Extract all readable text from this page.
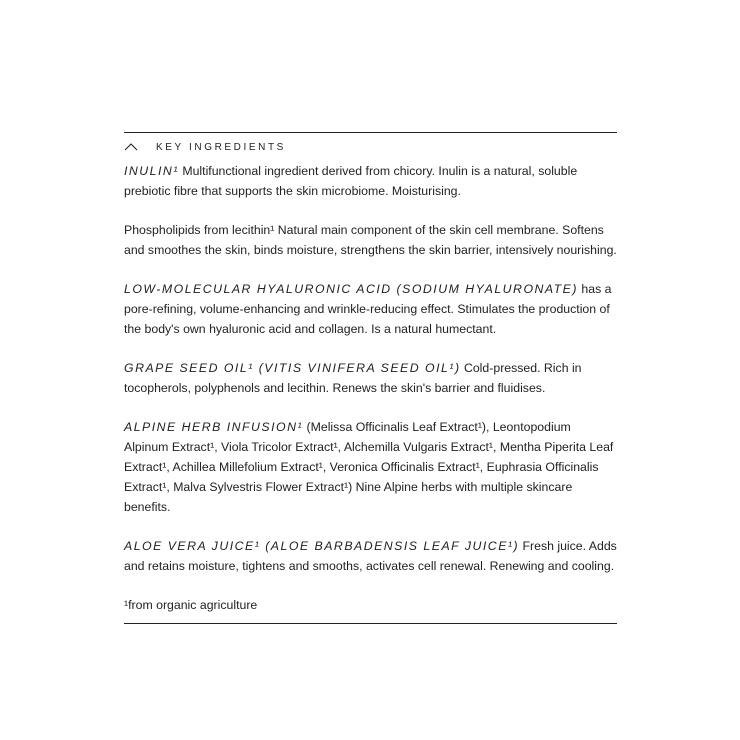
KEY INGREDIENTS

INULIN¹ Multifunctional ingredient derived from chicory. Inulin is a natural, soluble prebiotic fibre that supports the skin microbiome. Moisturising.

Phospholipids from lecithin¹ Natural main component of the skin cell membrane. Softens and smoothes the skin, binds moisture, strengthens the skin barrier, intensively nourishing.

LOW-MOLECULAR HYALURONIC ACID (SODIUM HYALURONATE) has a pore-refining, volume-enhancing and wrinkle-reducing effect. Stimulates the production of the body's own hyaluronic acid and collagen. Is a natural humectant.

GRAPE SEED OIL¹ (VITIS VINIFERA SEED OIL¹) Cold-pressed. Rich in tocopherols, polyphenols and lecithin. Renews the skin's barrier and fluidises.

ALPINE HERB INFUSION¹ (Melissa Officinalis Leaf Extract¹), Leontopodium Alpinum Extract¹, Viola Tricolor Extract¹, Alchemilla Vulgaris Extract¹, Mentha Piperita Leaf Extract¹, Achillea Millefolium Extract¹, Veronica Officinalis Extract¹, Euphrasia Officinalis Extract¹, Malva Sylvestris Flower Extract¹) Nine Alpine herbs with multiple skincare benefits.

ALOE VERA JUICE¹ (ALOE BARBADENSIS LEAF JUICE¹) Fresh juice. Adds and retains moisture, tightens and smooths, activates cell renewal. Renewing and cooling.

¹from organic agriculture
